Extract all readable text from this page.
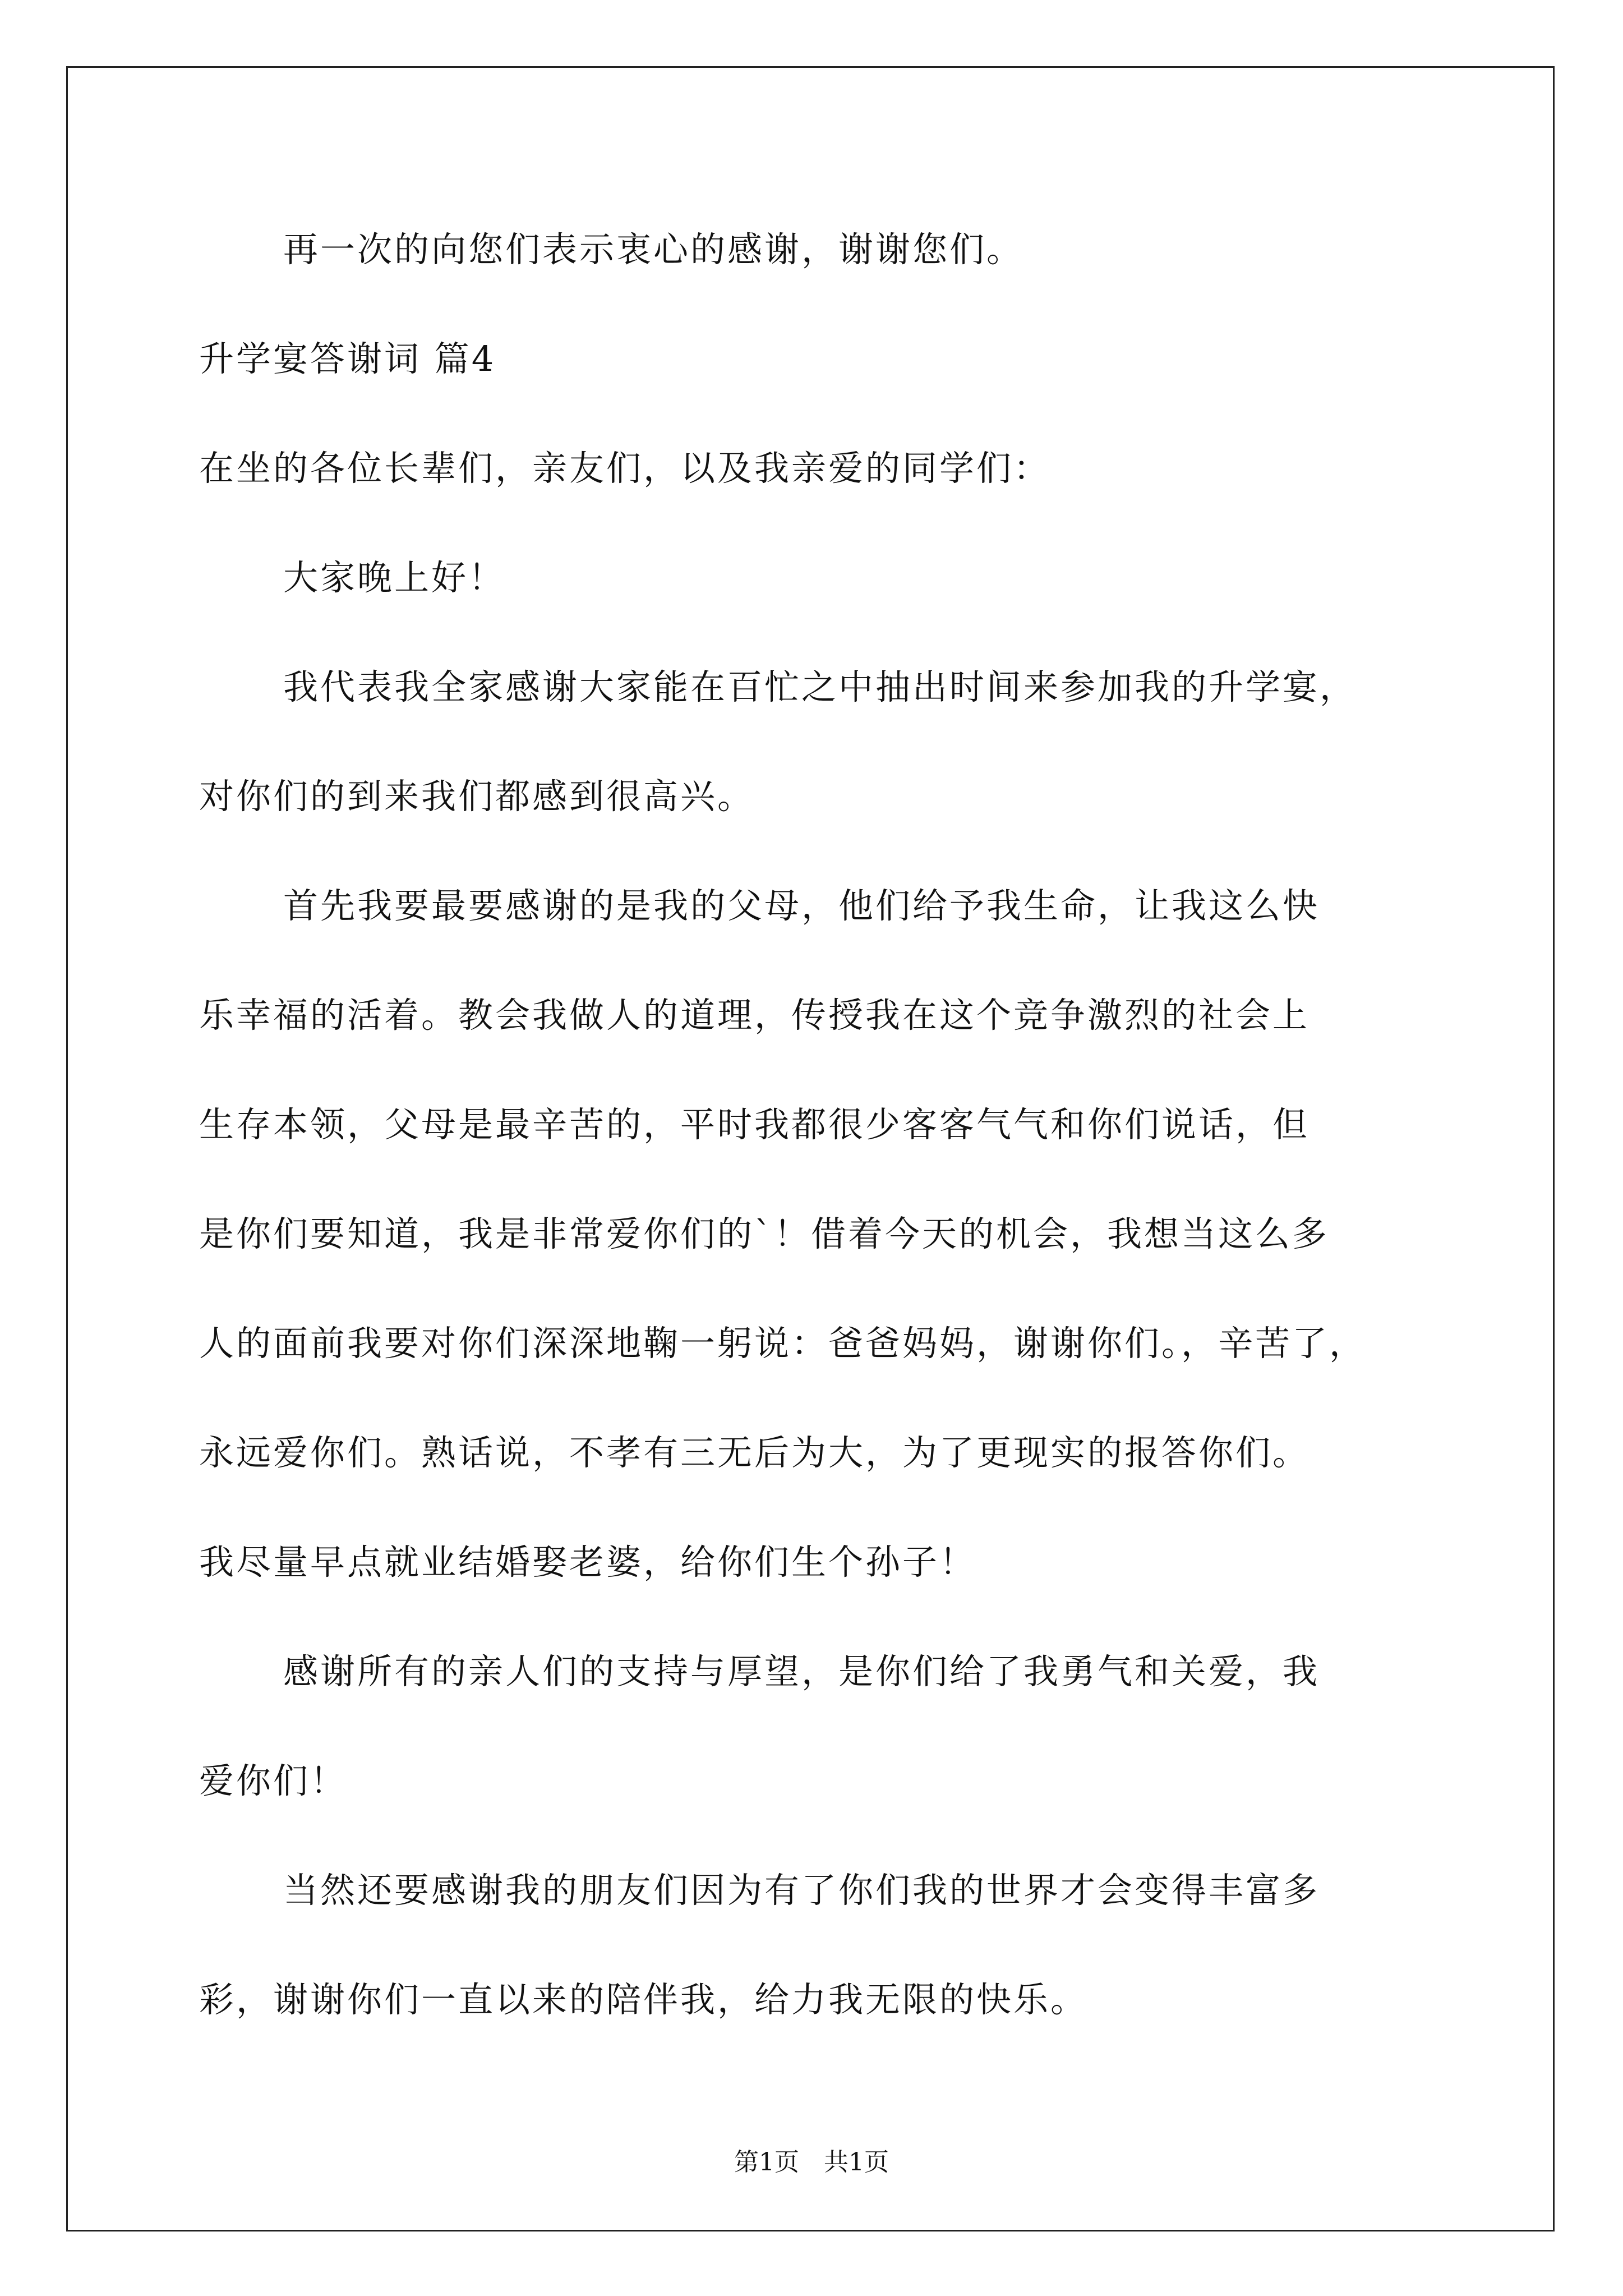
再一次的向您们表示衷心的感谢，谢谢您们。
升学宴答谢词 篇4
在坐的各位长辈们，亲友们，以及我亲爱的同学们：
大家晚上好！
我代表我全家感谢大家能在百忙之中抽出时间来参加我的升学宴，
对你们的到来我们都感到很高兴。
首先我要最要感谢的是我的父母，他们给予我生命，让我这么快
乐幸福的活着。教会我做人的道理，传授我在这个竞争激烈的社会上
生存本领，父母是最辛苦的，平时我都很少客客气气和你们说话，但
是你们要知道，我是非常爱你们的`！借着今天的机会，我想当这么多
人的面前我要对你们深深地鞠一躬说：爸爸妈妈，谢谢你们。，辛苦了，
永远爱你们。熟话说，不孝有三无后为大，为了更现实的报答你们。
我尽量早点就业结婚娶老婆，给你们生个孙子！
感谢所有的亲人们的支持与厚望，是你们给了我勇气和关爱，我
爱你们！
当然还要感谢我的朋友们因为有了你们我的世界才会变得丰富多
彩，谢谢你们一直以来的陪伴我，给力我无限的快乐。
第1页　共1页
